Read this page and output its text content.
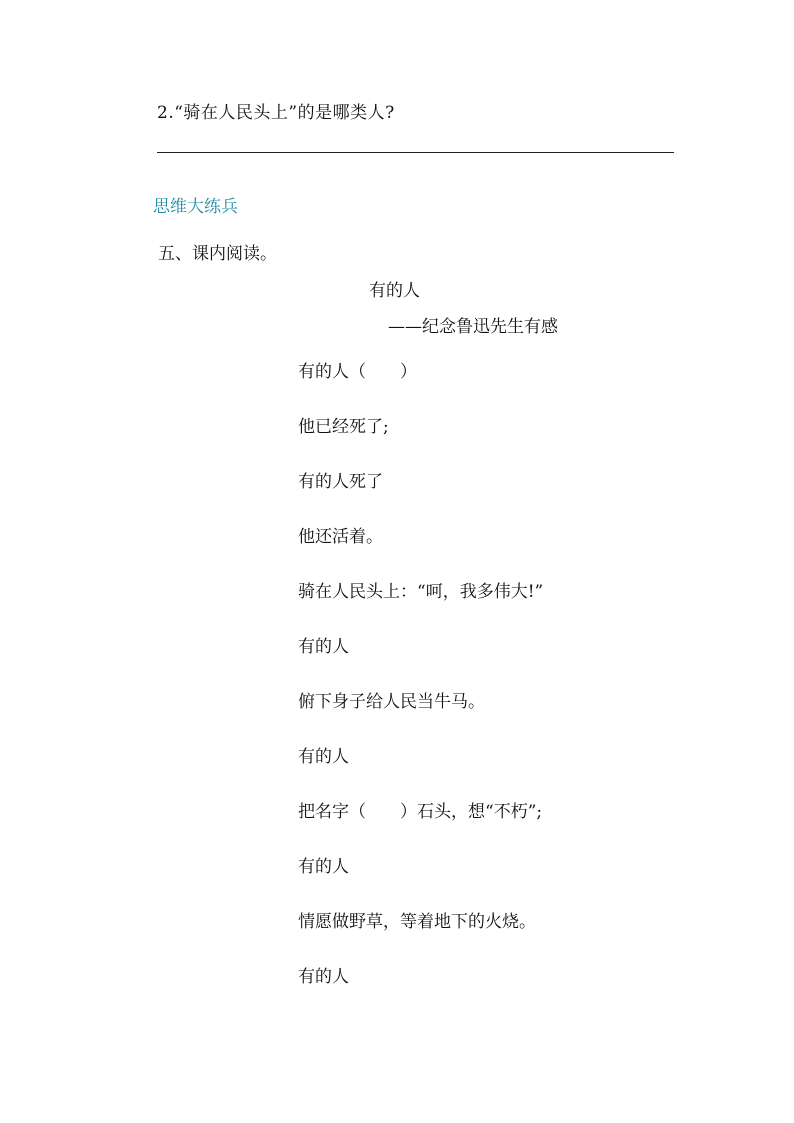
2.“骑在人民头上”的是哪类人?
思维大练兵
五、课内阅读。
有的人
——纪念鲁迅先生有感
有的人（　　）
他已经死了;
有的人死了
他还活着。
骑在人民头上：“呵，我多伟大!”
有的人
俯下身子给人民当牛马。
有的人
把名字（　　）石头，想“不朽”;
有的人
情愿做野草，等着地下的火烧。
有的人
